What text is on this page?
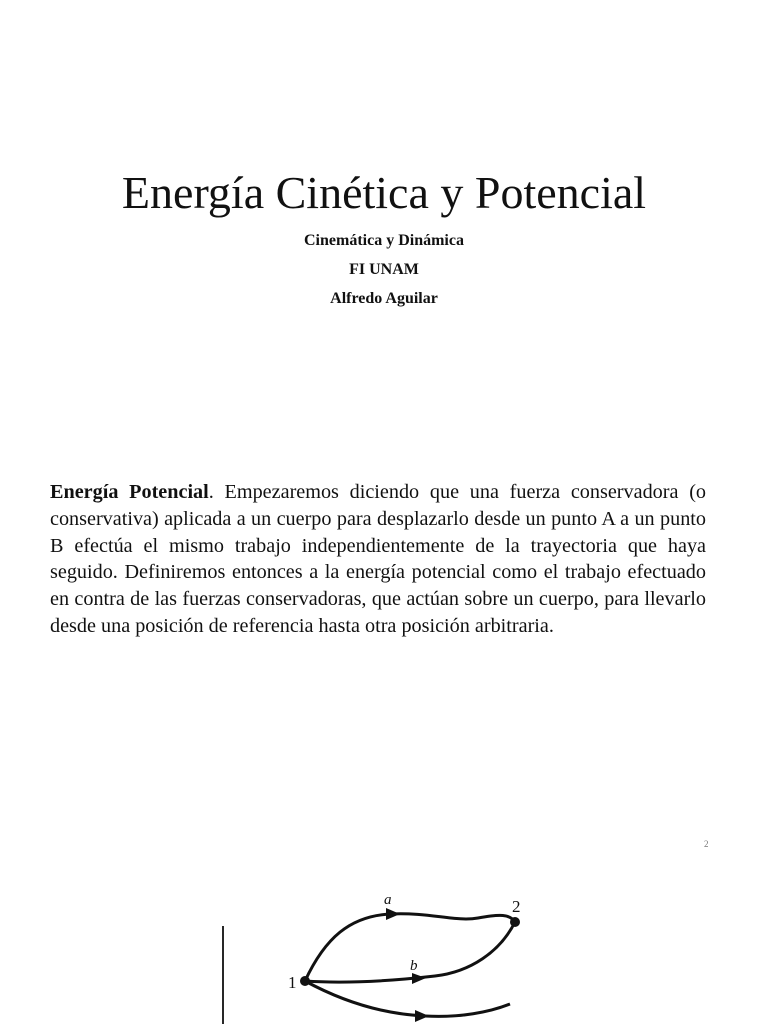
Energía Cinética y Potencial
Cinemática y Dinámica
FI UNAM
Alfredo Aguilar

Energía Potencial. Empezaremos diciendo que una fuerza conservadora (o conservativa) aplicada a un cuerpo para desplazarlo desde un punto A a un punto B efectúa el mismo trabajo independientemente de la trayectoria que haya seguido. Definiremos entonces a la energía potencial como el trabajo efectuado en contra de las fuerzas conservadoras, que actúan sobre un cuerpo, para llevarlo desde una posición de referencia hasta otra posición arbitraria.

2
1
2
a
b
